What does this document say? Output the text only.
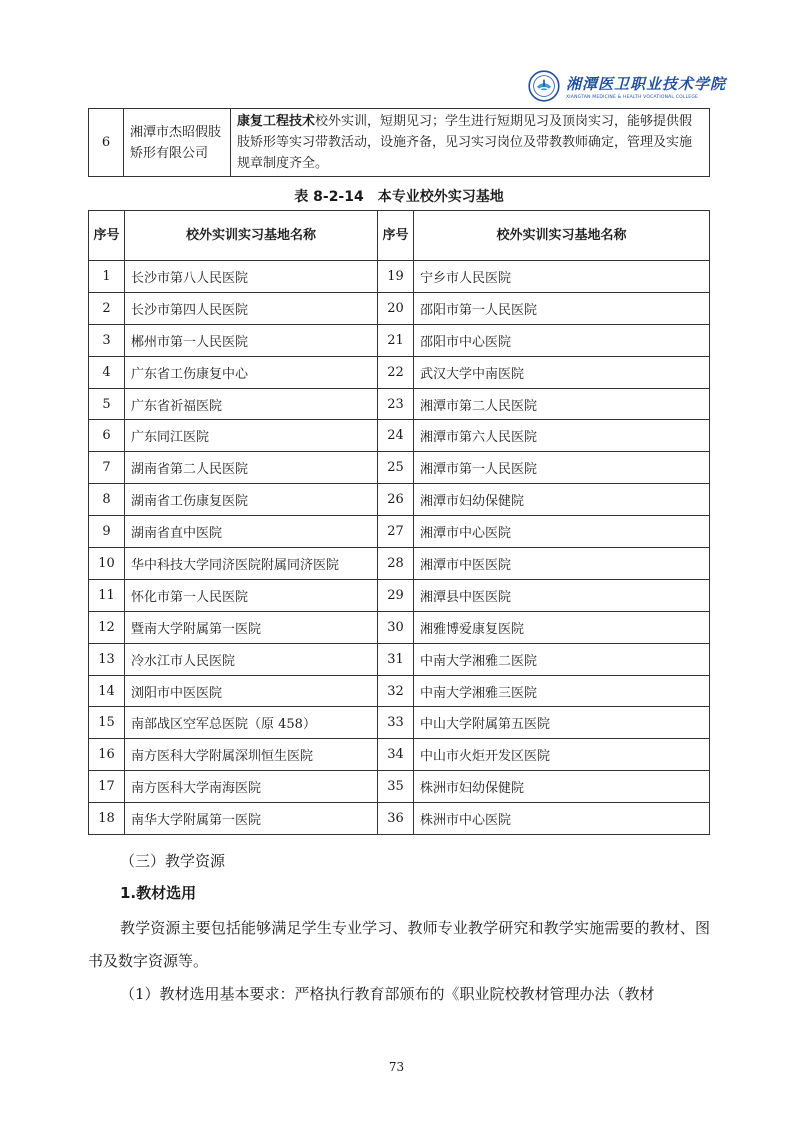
湘潭医卫职业技术学院
XIANGTAN MEDICINE & HEALTH VOCATIONAL COLLEGE
6	湘潭市杰昭假肢矫形有限公司	康复工程技术校外实训，短期见习；学生进行短期见习及顶岗实习，能够提供假肢矫形等实习带教活动，设施齐备，见习实习岗位及带教教师确定，管理及实施规章制度齐全。
表 8-2-14　本专业校外实习基地
序号	校外实训实习基地名称	序号	校外实训实习基地名称
1	长沙市第八人民医院	19	宁乡市人民医院
2	长沙市第四人民医院	20	邵阳市第一人民医院
3	郴州市第一人民医院	21	邵阳市中心医院
4	广东省工伤康复中心	22	武汉大学中南医院
5	广东省祈福医院	23	湘潭市第二人民医院
6	广东同江医院	24	湘潭市第六人民医院
7	湖南省第二人民医院	25	湘潭市第一人民医院
8	湖南省工伤康复医院	26	湘潭市妇幼保健院
9	湖南省直中医院	27	湘潭市中心医院
10	华中科技大学同济医院附属同济医院	28	湘潭市中医医院
11	怀化市第一人民医院	29	湘潭县中医医院
12	暨南大学附属第一医院	30	湘雅博爱康复医院
13	冷水江市人民医院	31	中南大学湘雅二医院
14	浏阳市中医医院	32	中南大学湘雅三医院
15	南部战区空军总医院（原 458）	33	中山大学附属第五医院
16	南方医科大学附属深圳恒生医院	34	中山市火炬开发区医院
17	南方医科大学南海医院	35	株洲市妇幼保健院
18	南华大学附属第一医院	36	株洲市中心医院
（三）教学资源
1.教材选用
教学资源主要包括能够满足学生专业学习、教师专业教学研究和教学实施需要的教材、图书及数字资源等。
（1）教材选用基本要求：严格执行教育部颁布的《职业院校教材管理办法（教材
73
